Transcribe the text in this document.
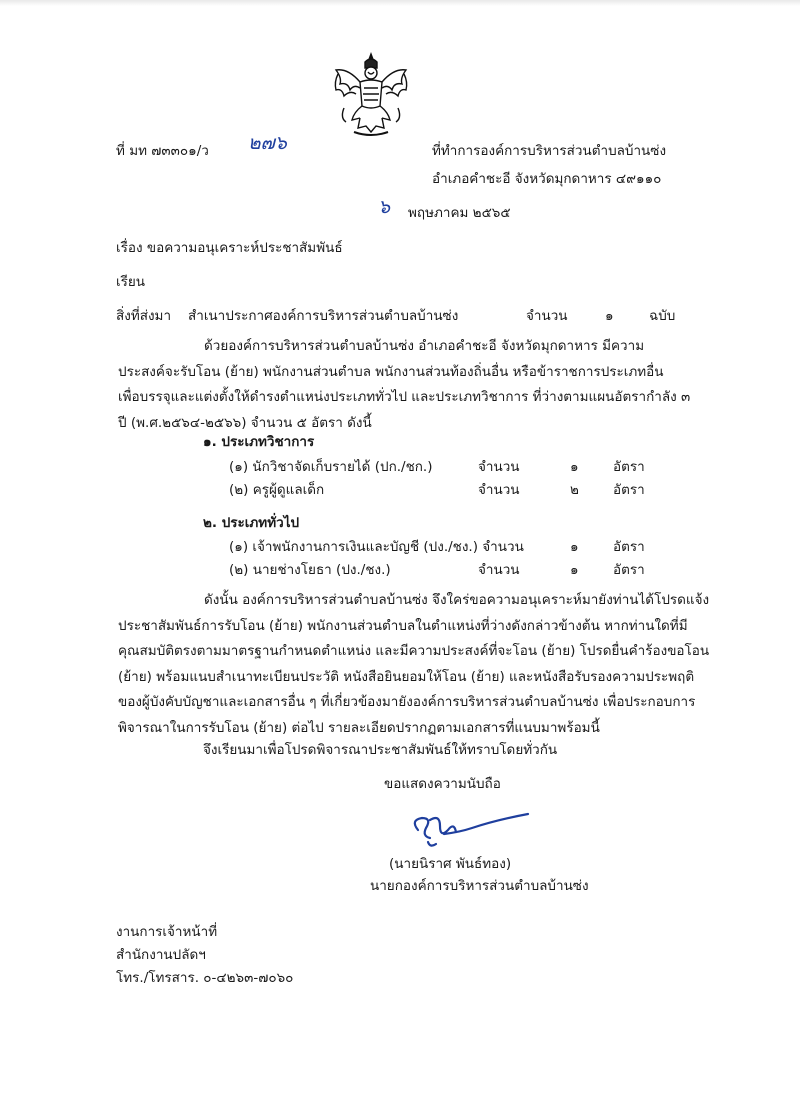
ที่ มท ๗๓๓๐๑/ว ๒๗๖	ที่ทำการองค์การบริหารส่วนตำบลบ้านซ่ง
อำเภอคำชะอี จังหวัดมุกดาหาร ๔๙๑๑๐
๖ พฤษภาคม ๒๕๖๕
เรื่อง ขอความอนุเคราะห์ประชาสัมพันธ์
เรียน
สิ่งที่ส่งมา สำเนาประกาศองค์การบริหารส่วนตำบลบ้านซ่ง	จำนวน	๑	ฉบับ
ด้วยองค์การบริหารส่วนตำบลบ้านซ่ง อำเภอคำชะอี จังหวัดมุกดาหาร มีความ
ประสงค์จะรับโอน (ย้าย) พนักงานส่วนตำบล พนักงานส่วนท้องถิ่นอื่น หรือข้าราชการประเภทอื่น
เพื่อบรรจุและแต่งตั้งให้ดำรงตำแหน่งประเภททั่วไป และประเภทวิชาการ ที่ว่างตามแผนอัตรากำลัง ๓
ปี (พ.ศ.๒๕๖๔-๒๕๖๖) จำนวน ๕ อัตรา ดังนี้
๑. ประเภทวิชาการ
(๑) นักวิชาจัดเก็บรายได้ (ปก./ชก.)	จำนวน	๑	อัตรา
(๒) ครูผู้ดูแลเด็ก	จำนวน	๒	อัตรา
๒. ประเภททั่วไป
(๑) เจ้าพนักงานการเงินและบัญชี (ปง./ชง.) จำนวน	๑	อัตรา
(๒) นายช่างโยธา (ปง./ชง.)	จำนวน	๑	อัตรา
ดังนั้น องค์การบริหารส่วนตำบลบ้านซ่ง จึงใคร่ขอความอนุเคราะห์มายังท่านได้โปรดแจ้ง
ประชาสัมพันธ์การรับโอน (ย้าย) พนักงานส่วนตำบลในตำแหน่งที่ว่างดังกล่าวข้างต้น หากท่านใดที่มี
คุณสมบัติตรงตามมาตรฐานกำหนดตำแหน่ง และมีความประสงค์ที่จะโอน (ย้าย) โปรดยื่นคำร้องขอโอน
(ย้าย) พร้อมแนบสำเนาทะเบียนประวัติ หนังสือยินยอมให้โอน (ย้าย) และหนังสือรับรองความประพฤติ
ของผู้บังคับบัญชาและเอกสารอื่น ๆ ที่เกี่ยวข้องมายังองค์การบริหารส่วนตำบลบ้านซ่ง เพื่อประกอบการ
พิจารณาในการรับโอน (ย้าย) ต่อไป รายละเอียดปรากฏตามเอกสารที่แนบมาพร้อมนี้
จึงเรียนมาเพื่อโปรดพิจารณาประชาสัมพันธ์ให้ทราบโดยทั่วกัน
ขอแสดงความนับถือ
(นายนิราศ พันธ์ทอง)
นายกองค์การบริหารส่วนตำบลบ้านซ่ง
งานการเจ้าหน้าที่
สำนักงานปลัดฯ
โทร./โทรสาร. ๐-๔๒๖๓-๗๐๖๐
